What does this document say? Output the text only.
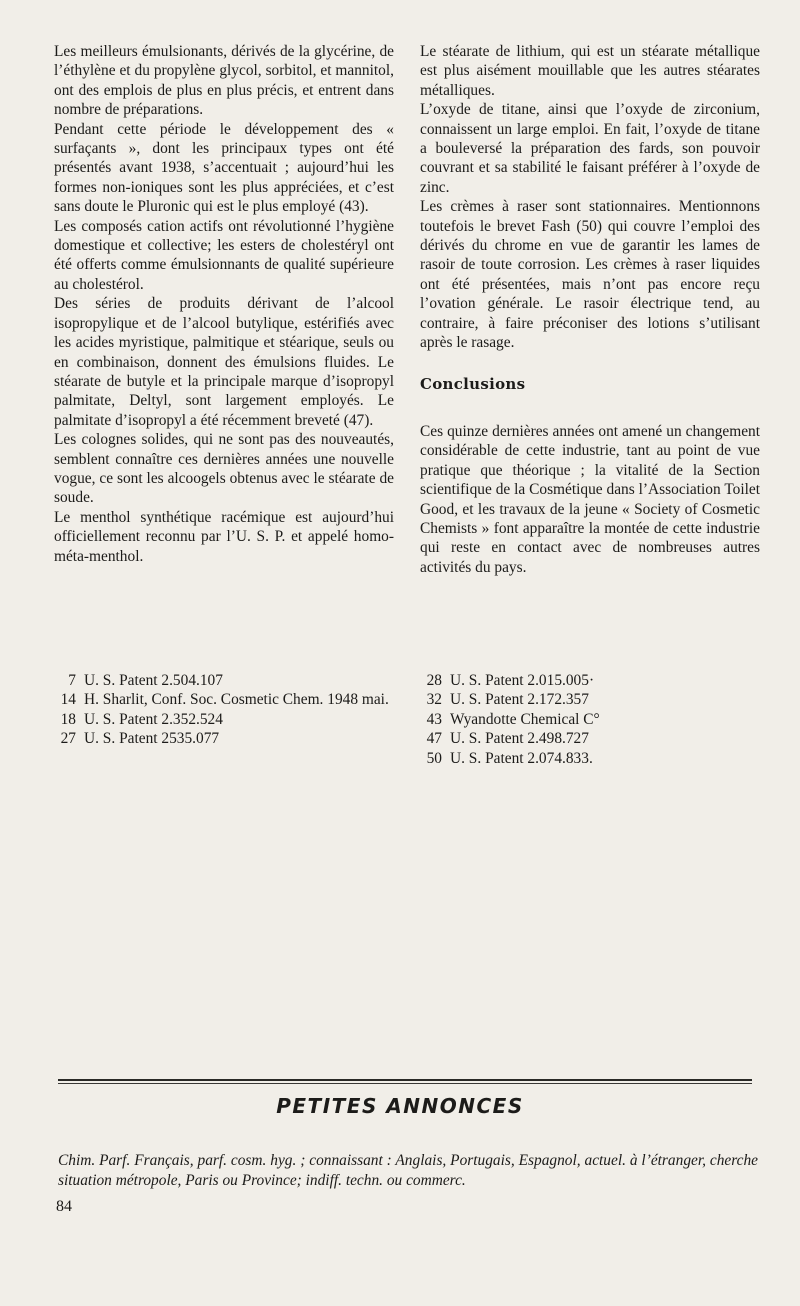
Les meilleurs émulsionants, dérivés de la glycérine, de l’éthylène et du propylène glycol, sorbitol, et mannitol, ont des emplois de plus en plus précis, et entrent dans nombre de préparations.

Pendant cette période le développement des « surfaçants », dont les principaux types ont été présentés avant 1938, s’accentuait ; aujourd’hui les formes non-ioniques sont les plus appréciées, et c’est sans doute le Pluronic qui est le plus employé (43).

Les composés cation actifs ont révolutionné l’hygiène domestique et collective; les esters de cholestéryl ont été offerts comme émulsionnants de qualité supérieure au cholestérol.

Des séries de produits dérivant de l’alcool isopropylique et de l’alcool butylique, estérifiés avec les acides myristique, palmitique et stéarique, seuls ou en combinaison, donnent des émulsions fluides. Le stéarate de butyle et la principale marque d’isopropyl palmitate, Deltyl, sont largement employés. Le palmitate d’isopropyl a été récemment breveté (47).

Les colognes solides, qui ne sont pas des nouveautés, semblent connaître ces dernières années une nouvelle vogue, ce sont les alcoogels obtenus avec le stéarate de soude.

Le menthol synthétique racémique est aujourd’hui officiellement reconnu par l’U. S. P. et appelé homo-méta-menthol.

Le stéarate de lithium, qui est un stéarate métallique est plus aisément mouillable que les autres stéarates métalliques.

L’oxyde de titane, ainsi que l’oxyde de zirconium, connaissent un large emploi. En fait, l’oxyde de titane a bouleversé la préparation des fards, son pouvoir couvrant et sa stabilité le faisant préférer à l’oxyde de zinc.

Les crèmes à raser sont stationnaires. Mentionnons toutefois le brevet Fash (50) qui couvre l’emploi des dérivés du chrome en vue de garantir les lames de rasoir de toute corrosion. Les crèmes à raser liquides ont été présentées, mais n’ont pas encore reçu l’ovation générale. Le rasoir électrique tend, au contraire, à faire préconiser des lotions s’utilisant après le rasage.

Conclusions

Ces quinze dernières années ont amené un changement considérable de cette industrie, tant au point de vue pratique que théorique ; la vitalité de la Section scientifique de la Cosmétique dans l’Association Toilet Good, et les travaux de la jeune « Society of Cosmetic Chemists » font apparaître la montée de cette industrie qui reste en contact avec de nombreuses autres activités du pays.

7 U. S. Patent 2.504.107
14 H. Sharlit, Conf. Soc. Cosmetic Chem. 1948 mai.
18 U. S. Patent 2.352.524
27 U. S. Patent 2535.077
28 U. S. Patent 2.015.005·
32 U. S. Patent 2.172.357
43 Wyandotte Chemical C°
47 U. S. Patent 2.498.727
50 U. S. Patent 2.074.833.
PETITES ANNONCES

Chim. Parf. Français, parf. cosm. hyg. ; connaissant : Anglais, Portugais, Espagnol, actuel. à l’étranger, cherche situation métropole, Paris ou Province; indiff. techn. ou commerc.

84
